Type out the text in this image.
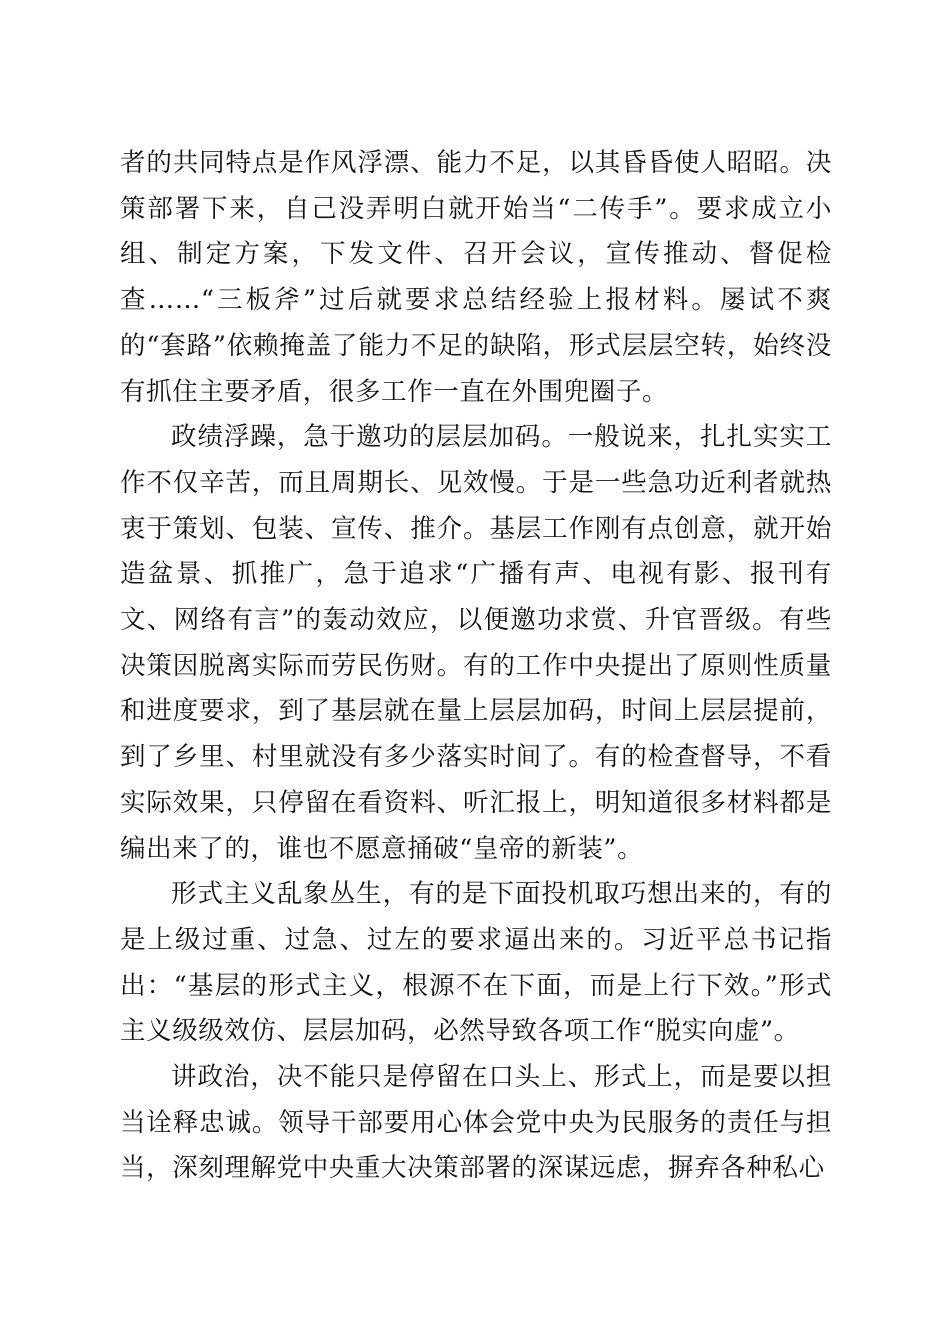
者的共同特点是作风浮漂、能力不足，以其昏昏使人昭昭。决策部署下来，自己没弄明白就开始当“二传手”。要求成立小组、制定方案，下发文件、召开会议，宣传推动、督促检查……“三板斧”过后就要求总结经验上报材料。屡试不爽的“套路”依赖掩盖了能力不足的缺陷，形式层层空转，始终没有抓住主要矛盾，很多工作一直在外围兜圈子。

政绩浮躁，急于邀功的层层加码。一般说来，扎扎实实工作不仅辛苦，而且周期长、见效慢。于是一些急功近利者就热衷于策划、包装、宣传、推介。基层工作刚有点创意，就开始造盆景、抓推广，急于追求“广播有声、电视有影、报刊有文、网络有言”的轰动效应，以便邀功求赏、升官晋级。有些决策因脱离实际而劳民伤财。有的工作中央提出了原则性质量和进度要求，到了基层就在量上层层加码，时间上层层提前，到了乡里、村里就没有多少落实时间了。有的检查督导，不看实际效果，只停留在看资料、听汇报上，明知道很多材料都是编出来了的，谁也不愿意捅破“皇帝的新装”。

形式主义乱象丛生，有的是下面投机取巧想出来的，有的是上级过重、过急、过左的要求逼出来的。习近平总书记指出：“基层的形式主义，根源不在下面，而是上行下效。”形式主义级级效仿、层层加码，必然导致各项工作“脱实向虚”。

讲政治，决不能只是停留在口头上、形式上，而是要以担当诠释忠诚。领导干部要用心体会党中央为民服务的责任与担当，深刻理解党中央重大决策部署的深谋远虑，摒弃各种私心
